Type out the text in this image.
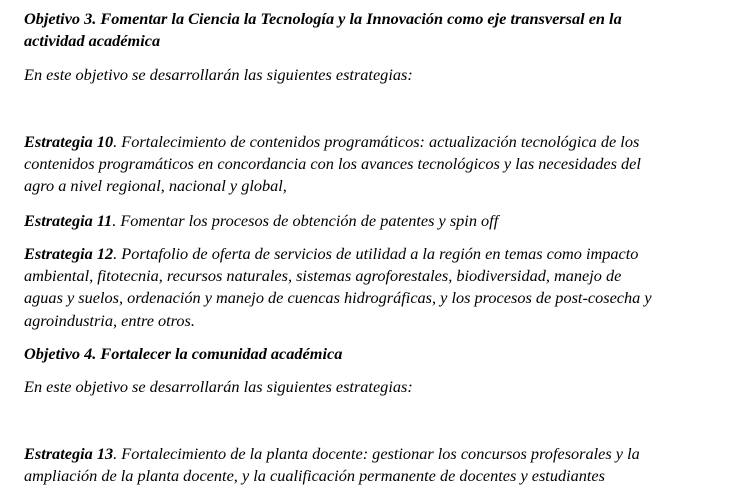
Objetivo 3. Fomentar la Ciencia la Tecnología y la Innovación como eje transversal en la
actividad académica

En este objetivo se desarrollarán las siguientes estrategias:

Estrategia 10. Fortalecimiento de contenidos programáticos: actualización tecnológica de los
contenidos programáticos en concordancia con los avances tecnológicos y las necesidades del
agro a nivel regional, nacional y global,

Estrategia 11. Fomentar los procesos de obtención de patentes y spin off

Estrategia 12. Portafolio de oferta de servicios de utilidad a la región en temas como impacto
ambiental, fitotecnia, recursos naturales, sistemas agroforestales, biodiversidad, manejo de
aguas y suelos, ordenación y manejo de cuencas hidrográficas, y los procesos de post-cosecha y
agroindustria, entre otros.

Objetivo 4. Fortalecer la comunidad académica

En este objetivo se desarrollarán las siguientes estrategias:

Estrategia 13. Fortalecimiento de la planta docente: gestionar los concursos profesorales y la
ampliación de la planta docente, y la cualificación permanente de docentes y estudiantes
